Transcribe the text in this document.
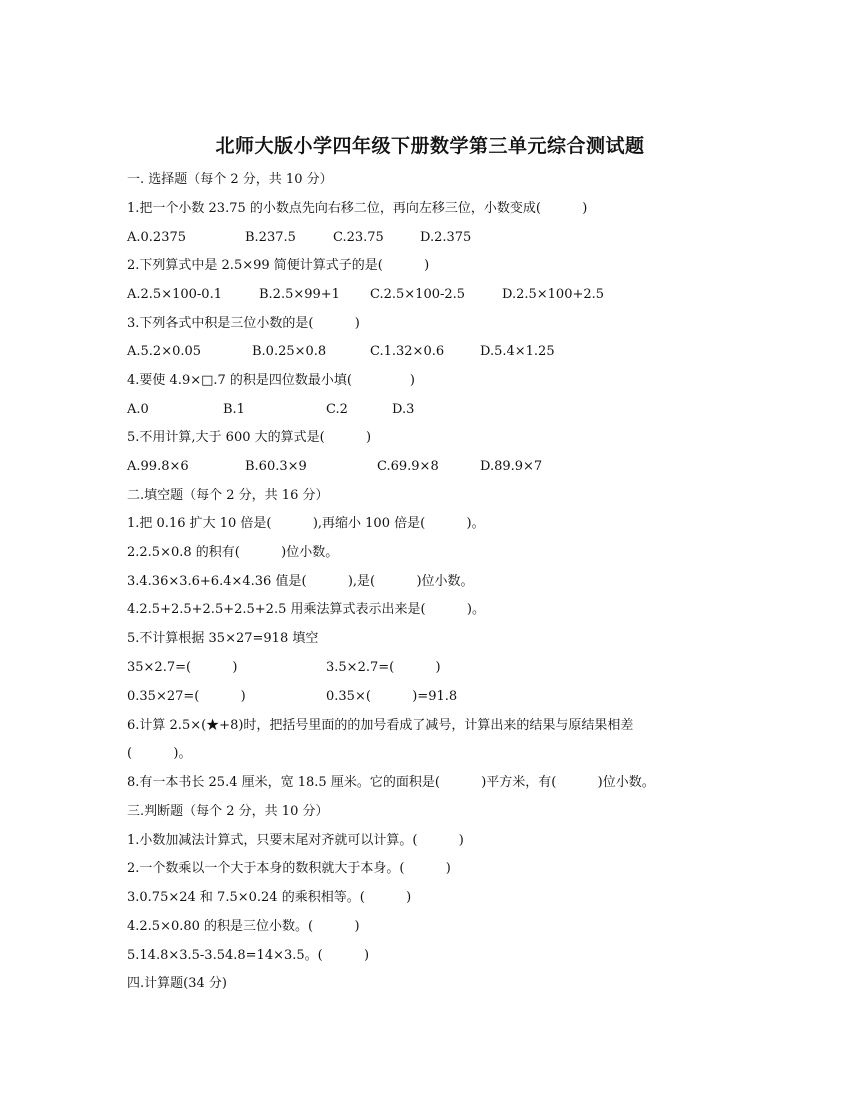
北师大版小学四年级下册数学第三单元综合测试题
一. 选择题（每个 2 分，共 10 分）
1.把一个小数 23.75 的小数点先向右移二位，再向左移三位，小数变成(          )
A.0.2375	B.237.5	C.23.75	D.2.375
2.下列算式中是 2.5×99 简便计算式子的是(          )
A.2.5×100-0.1	B.2.5×99+1 C.2.5×100-2.5	D.2.5×100+2.5
3.下列各式中积是三位小数的是(          )
A.5.2×0.05	B.0.25×0.8	C.1.32×0.6	D.5.4×1.25
4.要使 4.9×□.7 的积是四位数最小填(              )
A.0	B.1	C.2	D.3
5.不用计算,大于 600 大的算式是(          )
A.99.8×6	B.60.3×9	C.69.9×8	D.89.9×7
二.填空题（每个 2 分，共 16 分）
1.把 0.16 扩大 10 倍是(          ),再缩小 100 倍是(          )。
2.2.5×0.8 的积有(          )位小数。
3.4.36×3.6+6.4×4.36 值是(          ),是(          )位小数。
4.2.5+2.5+2.5+2.5+2.5 用乘法算式表示出来是(          )。
5.不计算根据 35×27=918 填空
35×2.7=(          )	3.5×2.7=(          )
0.35×27=(          )	0.35×(          )=91.8
6.计算 2.5×(★+8)时，把括号里面的的加号看成了减号，计算出来的结果与原结果相差
(          )。
8.有一本书长 25.4 厘米，宽 18.5 厘米。它的面积是(          )平方米，有(          )位小数。
三.判断题（每个 2 分，共 10 分）
1.小数加减法计算式，只要末尾对齐就可以计算。(          )
2.一个数乘以一个大于本身的数积就大于本身。(          )
3.0.75×24 和 7.5×0.24 的乘积相等。(          )
4.2.5×0.80 的积是三位小数。(          )
5.14.8×3.5-3.54.8=14×3.5。(          )
四.计算题(34 分)
